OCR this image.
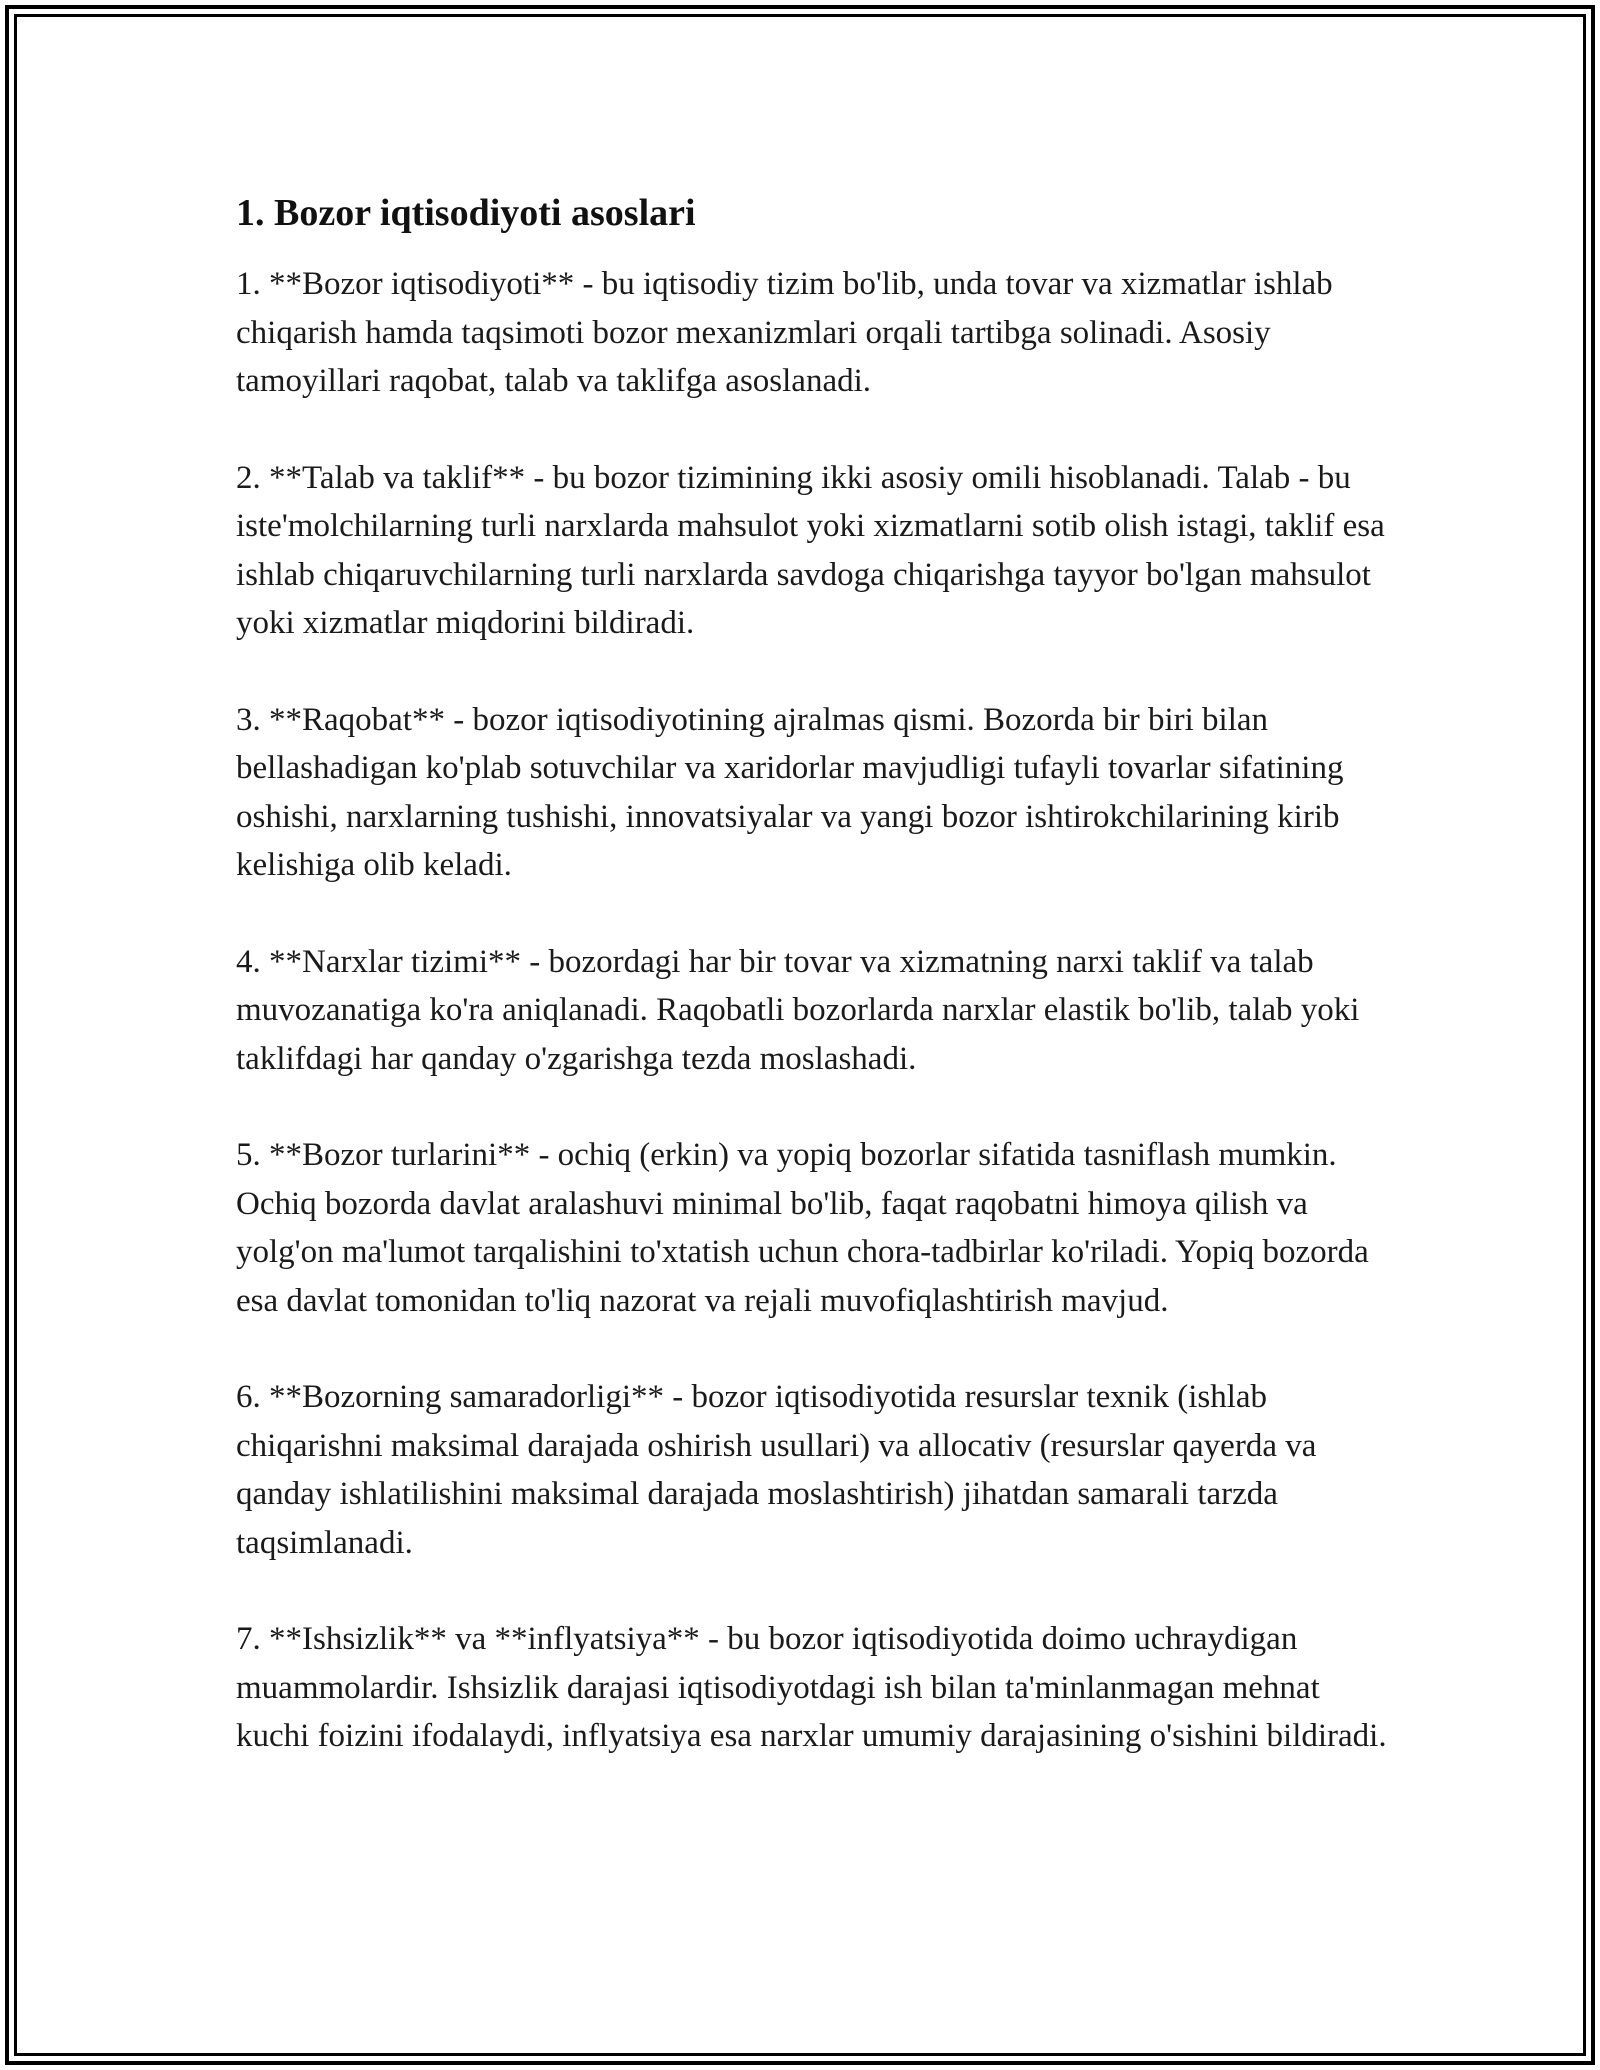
1. Bozor iqtisodiyoti asoslari

1. **Bozor iqtisodiyoti** - bu iqtisodiy tizim bo'lib, unda tovar va xizmatlar ishlab chiqarish hamda taqsimoti bozor mexanizmlari orqali tartibga solinadi. Asosiy tamoyillari raqobat, talab va taklifga asoslanadi.

2. **Talab va taklif** - bu bozor tizimining ikki asosiy omili hisoblanadi. Talab - bu iste'molchilarning turli narxlarda mahsulot yoki xizmatlarni sotib olish istagi, taklif esa ishlab chiqaruvchilarning turli narxlarda savdoga chiqarishga tayyor bo'lgan mahsulot yoki xizmatlar miqdorini bildiradi.

3. **Raqobat** - bozor iqtisodiyotining ajralmas qismi. Bozorda bir biri bilan bellashadigan ko'plab sotuvchilar va xaridorlar mavjudligi tufayli tovarlar sifatining oshishi, narxlarning tushishi, innovatsiyalar va yangi bozor ishtirokchilarining kirib kelishiga olib keladi.

4. **Narxlar tizimi** - bozordagi har bir tovar va xizmatning narxi taklif va talab muvozanatiga ko'ra aniqlanadi. Raqobatli bozorlarda narxlar elastik bo'lib, talab yoki taklifdagi har qanday o'zgarishga tezda moslashadi.

5. **Bozor turlarini** - ochiq (erkin) va yopiq bozorlar sifatida tasniflash mumkin. Ochiq bozorda davlat aralashuvi minimal bo'lib, faqat raqobatni himoya qilish va yolg'on ma'lumot tarqalishini to'xtatish uchun chora-tadbirlar ko'riladi. Yopiq bozorda esa davlat tomonidan to'liq nazorat va rejali muvofiqlashtirish mavjud.

6. **Bozorning samaradorligi** - bozor iqtisodiyotida resurslar texnik (ishlab chiqarishni maksimal darajada oshirish usullari) va allocativ (resurslar qayerda va qanday ishlatilishini maksimal darajada moslashtirish) jihatdan samarali tarzda taqsimlanadi.

7. **Ishsizlik** va **inflyatsiya** - bu bozor iqtisodiyotida doimo uchraydigan muammolardir. Ishsizlik darajasi iqtisodiyotdagi ish bilan ta'minlanmagan mehnat kuchi foizini ifodalaydi, inflyatsiya esa narxlar umumiy darajasining o'sishini bildiradi.
